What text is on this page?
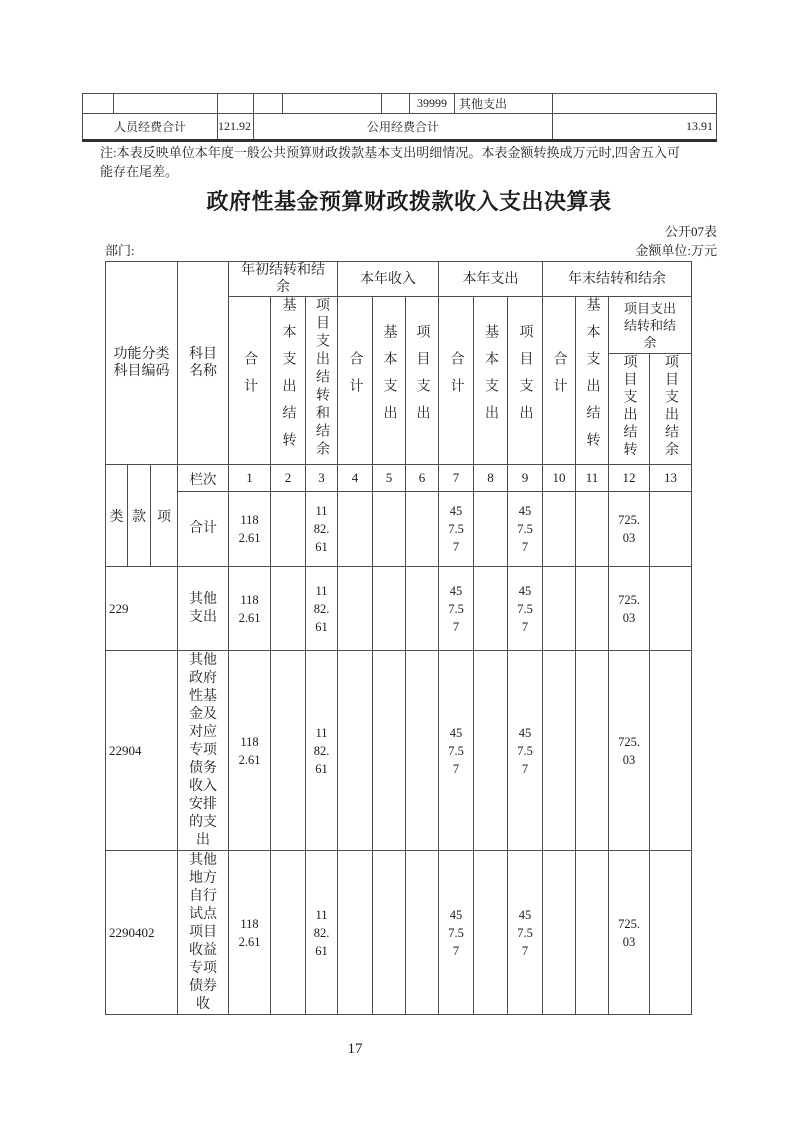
						39999	其他支出	
人员经费合计		121.92	公用经费合计					13.91
注:本表反映单位本年度一般公共预算财政拨款基本支出明细情况。本表金额转换成万元时,四舍五入可能存在尾差。
政府性基金预算财政拨款收入支出决算表
公开07表
部门:	金额单位:万元
功能分类科目编码			科目名称	年初结转和结余			本年收入			本年支出			年末结转和结余			
				合计	基本支出结转	项目支出结转和结余	合计	基本支出	项目支出	合计	基本支出	项目支出	合计	基本支出结转	项目支出结转和结余	
															项目支出结转	项目支出结余
类	款	项	栏次	1	2	3	4	5	6	7	8	9	10	11	12	13
			合计	1182.61		1182.61				457.57		457.57			725.03	
229			其他支出	1182.61		1182.61				457.57		457.57			725.03	
22904			其他政府性基金及对应专项债务收入安排的支出	1182.61		1182.61				457.57		457.57			725.03	
2290402			其他地方自行试点项目收益专项债券收	1182.61		1182.61				457.57		457.57			725.03	
17
